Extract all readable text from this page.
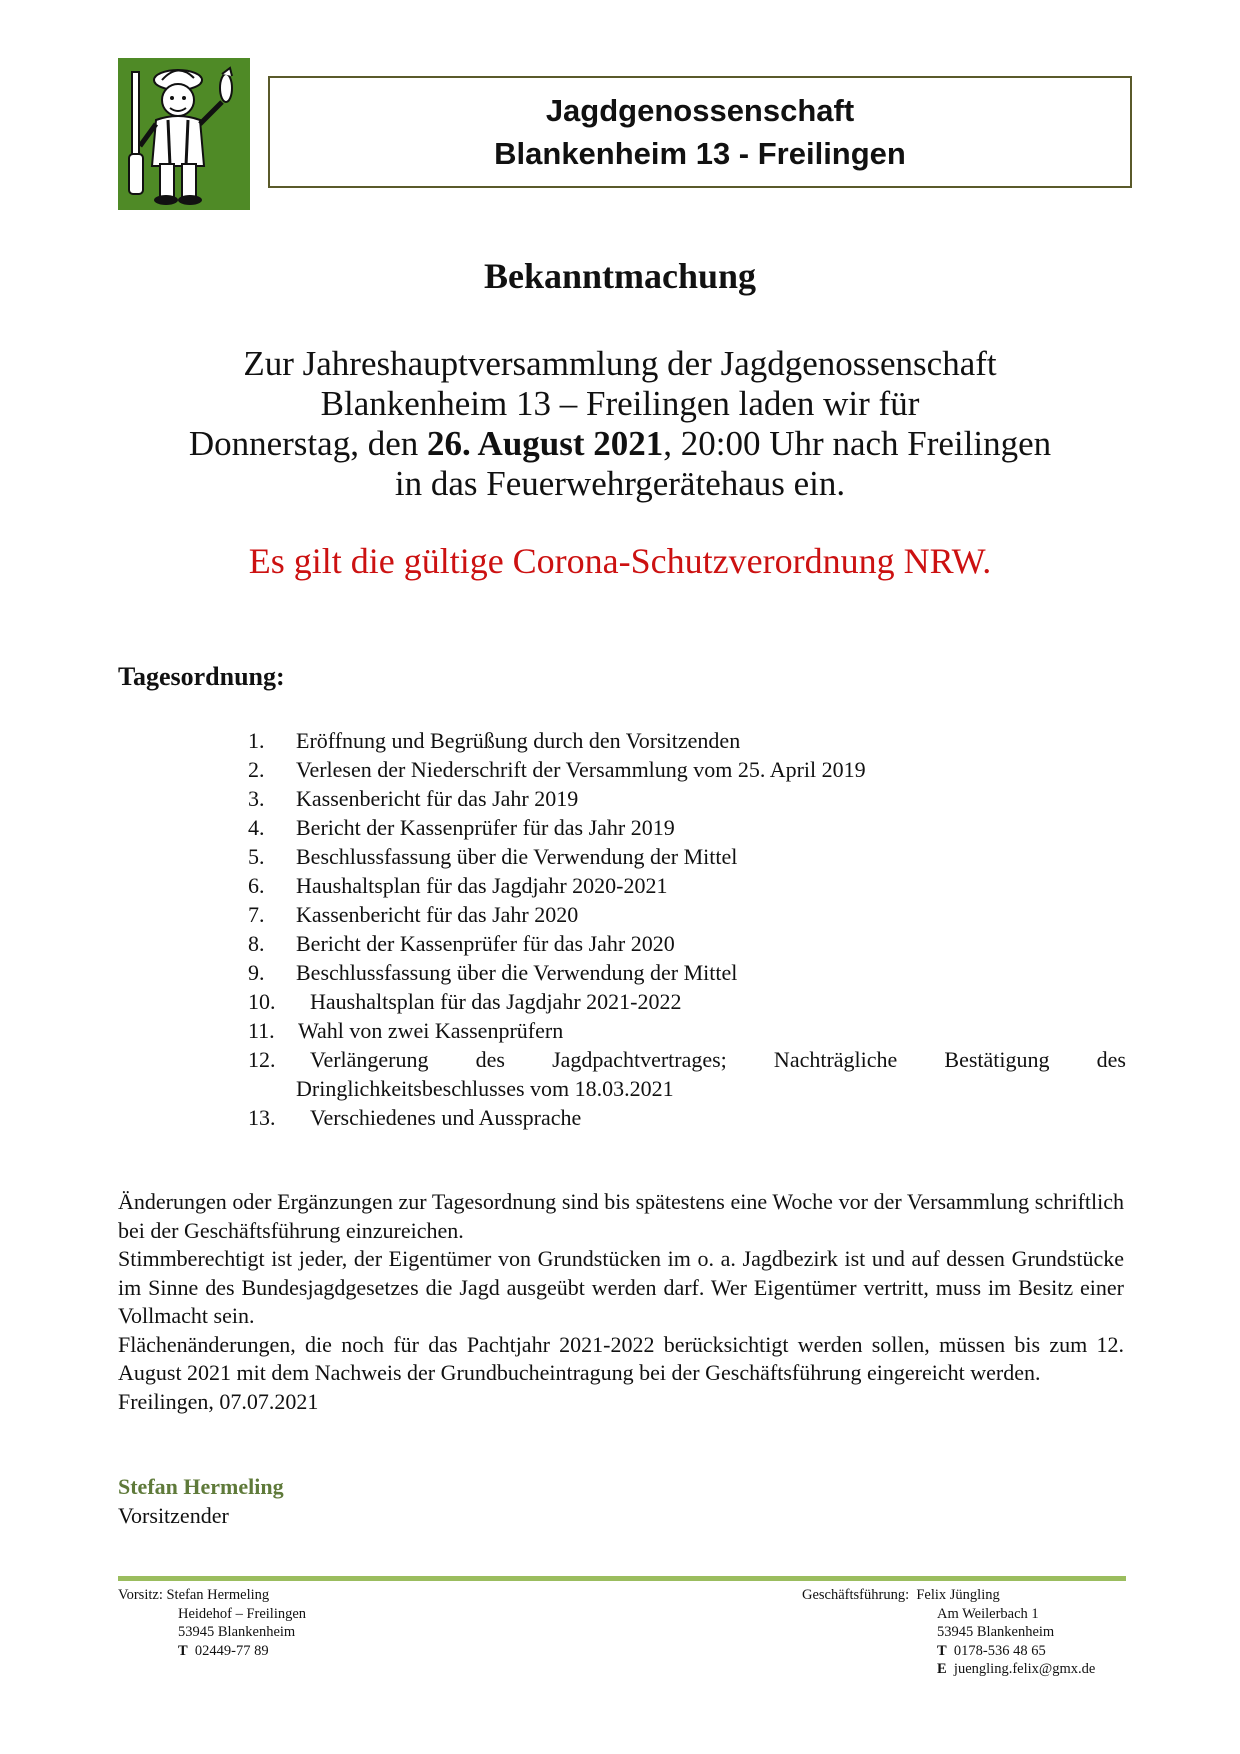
Jagdgenossenschaft
Blankenheim 13 - Freilingen
Bekanntmachung
Zur Jahreshauptversammlung der Jagdgenossenschaft
Blankenheim 13 – Freilingen laden wir für
Donnerstag, den 26. August 2021, 20:00 Uhr nach Freilingen
in das Feuerwehrgerätehaus ein.
Es gilt die gültige Corona-Schutzverordnung NRW.
Tagesordnung:
1.	Eröffnung und Begrüßung durch den Vorsitzenden
2.	Verlesen der Niederschrift der Versammlung vom 25. April 2019
3.	Kassenbericht für das Jahr 2019
4.	Bericht der Kassenprüfer für das Jahr 2019
5.	Beschlussfassung über die Verwendung der Mittel
6.	Haushaltsplan für das Jagdjahr 2020-2021
7.	Kassenbericht für das Jahr 2020
8.	Bericht der Kassenprüfer für das Jahr 2020
9.	Beschlussfassung über die Verwendung der Mittel
10.	Haushaltsplan für das Jagdjahr 2021-2022
11.	Wahl von zwei Kassenprüfern
12.	Verlängerung des Jagdpachtvertrages; Nachträgliche Bestätigung des
Dringlichkeitsbeschlusses vom 18.03.2021
13.	Verschiedenes und Aussprache

Änderungen oder Ergänzungen zur Tagesordnung sind bis spätestens eine Woche vor der Versammlung schriftlich bei der Geschäftsführung einzureichen.

Stimmberechtigt ist jeder, der Eigentümer von Grundstücken im o. a. Jagdbezirk ist und auf dessen Grundstücke im Sinne des Bundesjagdgesetzes die Jagd ausgeübt werden darf. Wer Eigentümer vertritt, muss im Besitz einer Vollmacht sein.

Flächenänderungen, die noch für das Pachtjahr 2021-2022 berücksichtigt werden sollen, müssen bis zum 12. August 2021 mit dem Nachweis der Grundbucheintragung bei der Geschäftsführung eingereicht werden.

Freilingen, 07.07.2021

Stefan Hermeling
Vorsitzender
Vorsitz: Stefan Hermeling
Heidehof – Freilingen
53945 Blankenheim
T 02449-77 89
Geschäftsführung: Felix Jüngling
Am Weilerbach 1
53945 Blankenheim
T 0178-536 48 65
E juengling.felix@gmx.de
